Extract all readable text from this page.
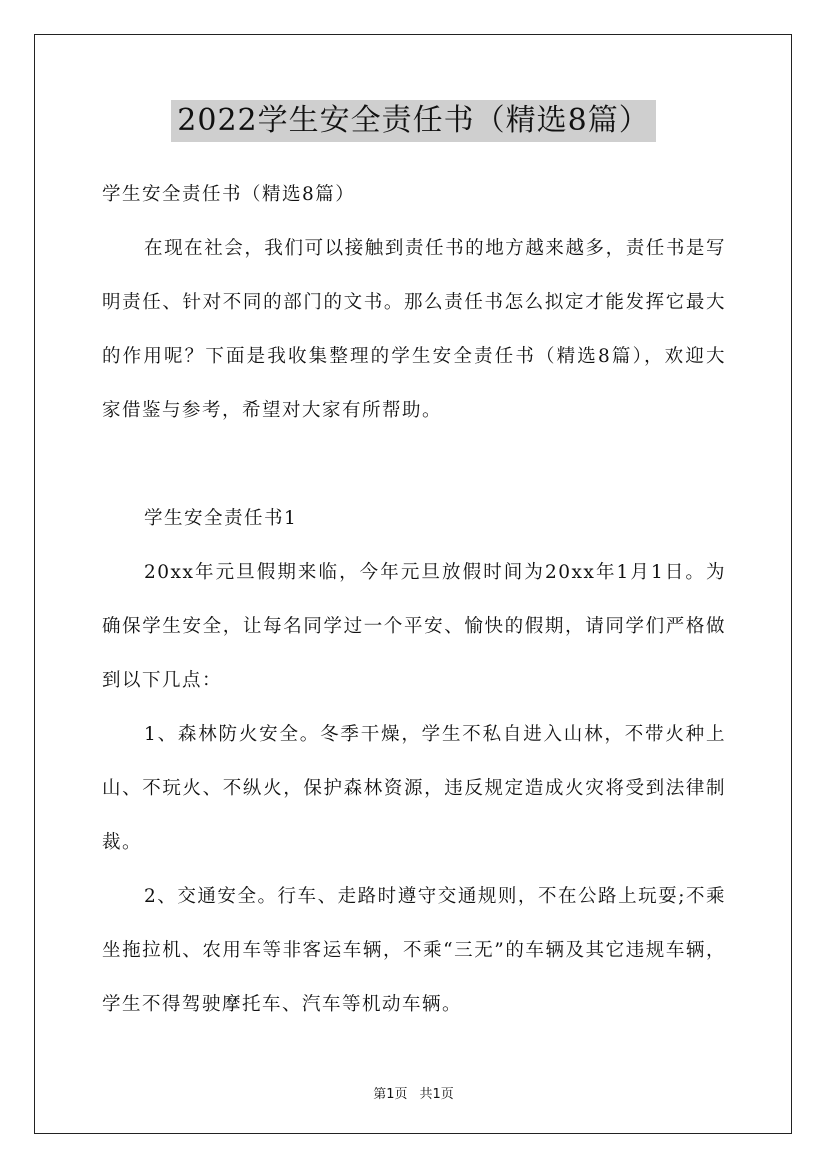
2022学生安全责任书（精选8篇）

学生安全责任书（精选8篇）

在现在社会，我们可以接触到责任书的地方越来越多，责任书是写明责任、针对不同的部门的文书。那么责任书怎么拟定才能发挥它最大的作用呢？下面是我收集整理的学生安全责任书（精选8篇），欢迎大家借鉴与参考，希望对大家有所帮助。

学生安全责任书1

20xx年元旦假期来临，今年元旦放假时间为20xx年1月1日。为确保学生安全，让每名同学过一个平安、愉快的假期，请同学们严格做到以下几点：

1、森林防火安全。冬季干燥，学生不私自进入山林，不带火种上山、不玩火、不纵火，保护森林资源，违反规定造成火灾将受到法律制裁。

2、交通安全。行车、走路时遵守交通规则，不在公路上玩耍;不乘坐拖拉机、农用车等非客运车辆，不乘“三无”的车辆及其它违规车辆，学生不得驾驶摩托车、汽车等机动车辆。

第1页 共1页
